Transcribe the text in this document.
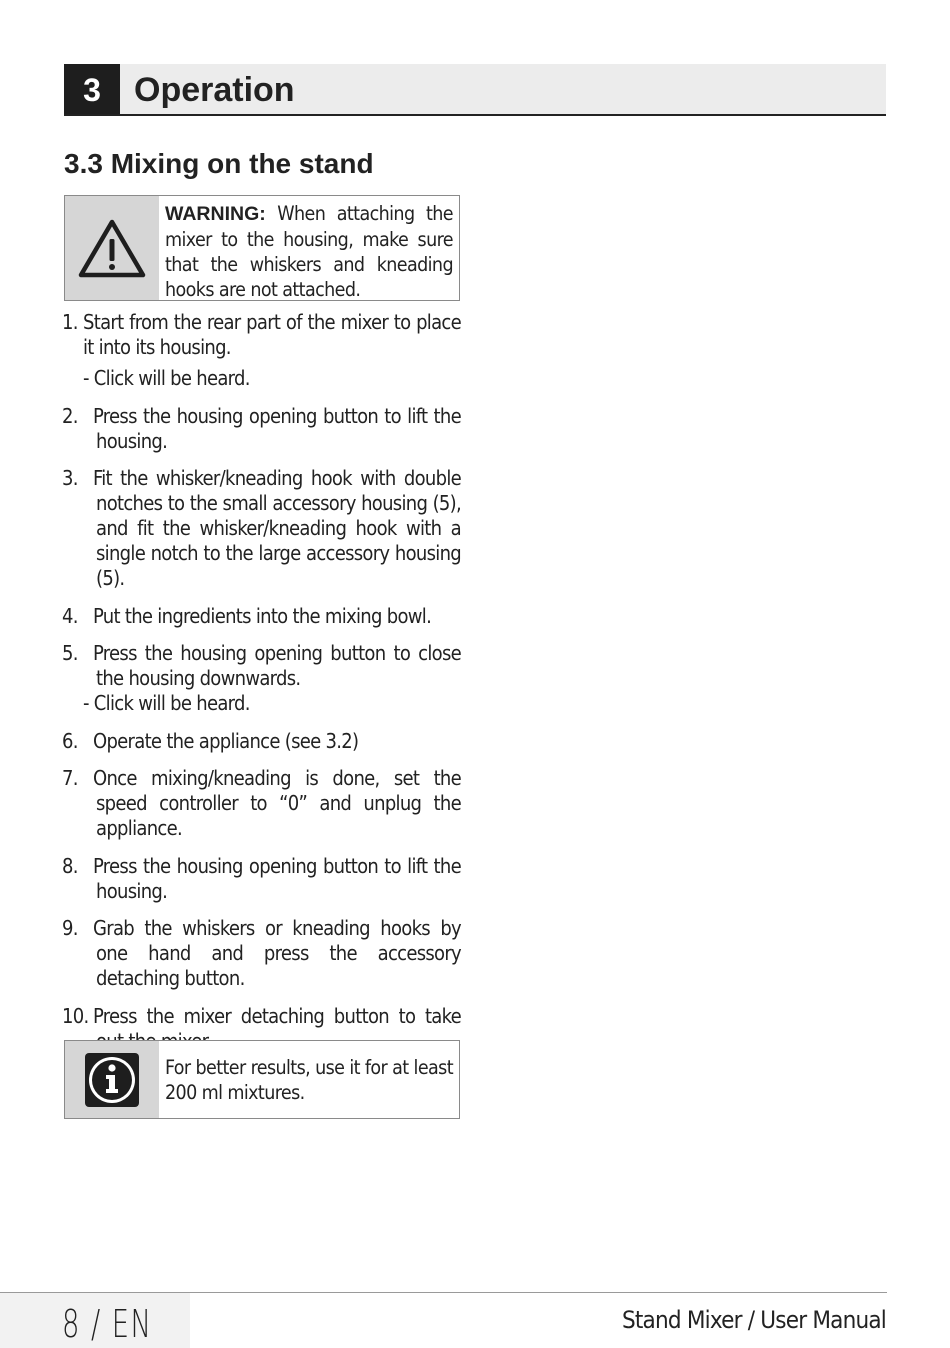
3 Operation
3.3 Mixing on the stand
WARNING: When attaching the mixer to the housing, make sure that the whiskers and kneading hooks are not attached.
1. Start from the rear part of the mixer to place it into its housing.
- Click will be heard.
2. Press the housing opening button to lift the housing.
3. Fit the whisker/kneading hook with double notches to the small accessory housing (5), and fit the whisker/kneading hook with a single notch to the large accessory housing (5).
4. Put the ingredients into the mixing bowl.
5. Press the housing opening button to close the housing downwards.
- Click will be heard.
6. Operate the appliance (see 3.2)
7. Once mixing/kneading is done, set the speed controller to “0” and unplug the appliance.
8. Press the housing opening button to lift the housing.
9. Grab the whiskers or kneading hooks by one hand and press the accessory detaching button.
10. Press the mixer detaching button to take
For better results, use it for at least 200 ml mixtures.
8 / EN	Stand Mixer / User Manual
